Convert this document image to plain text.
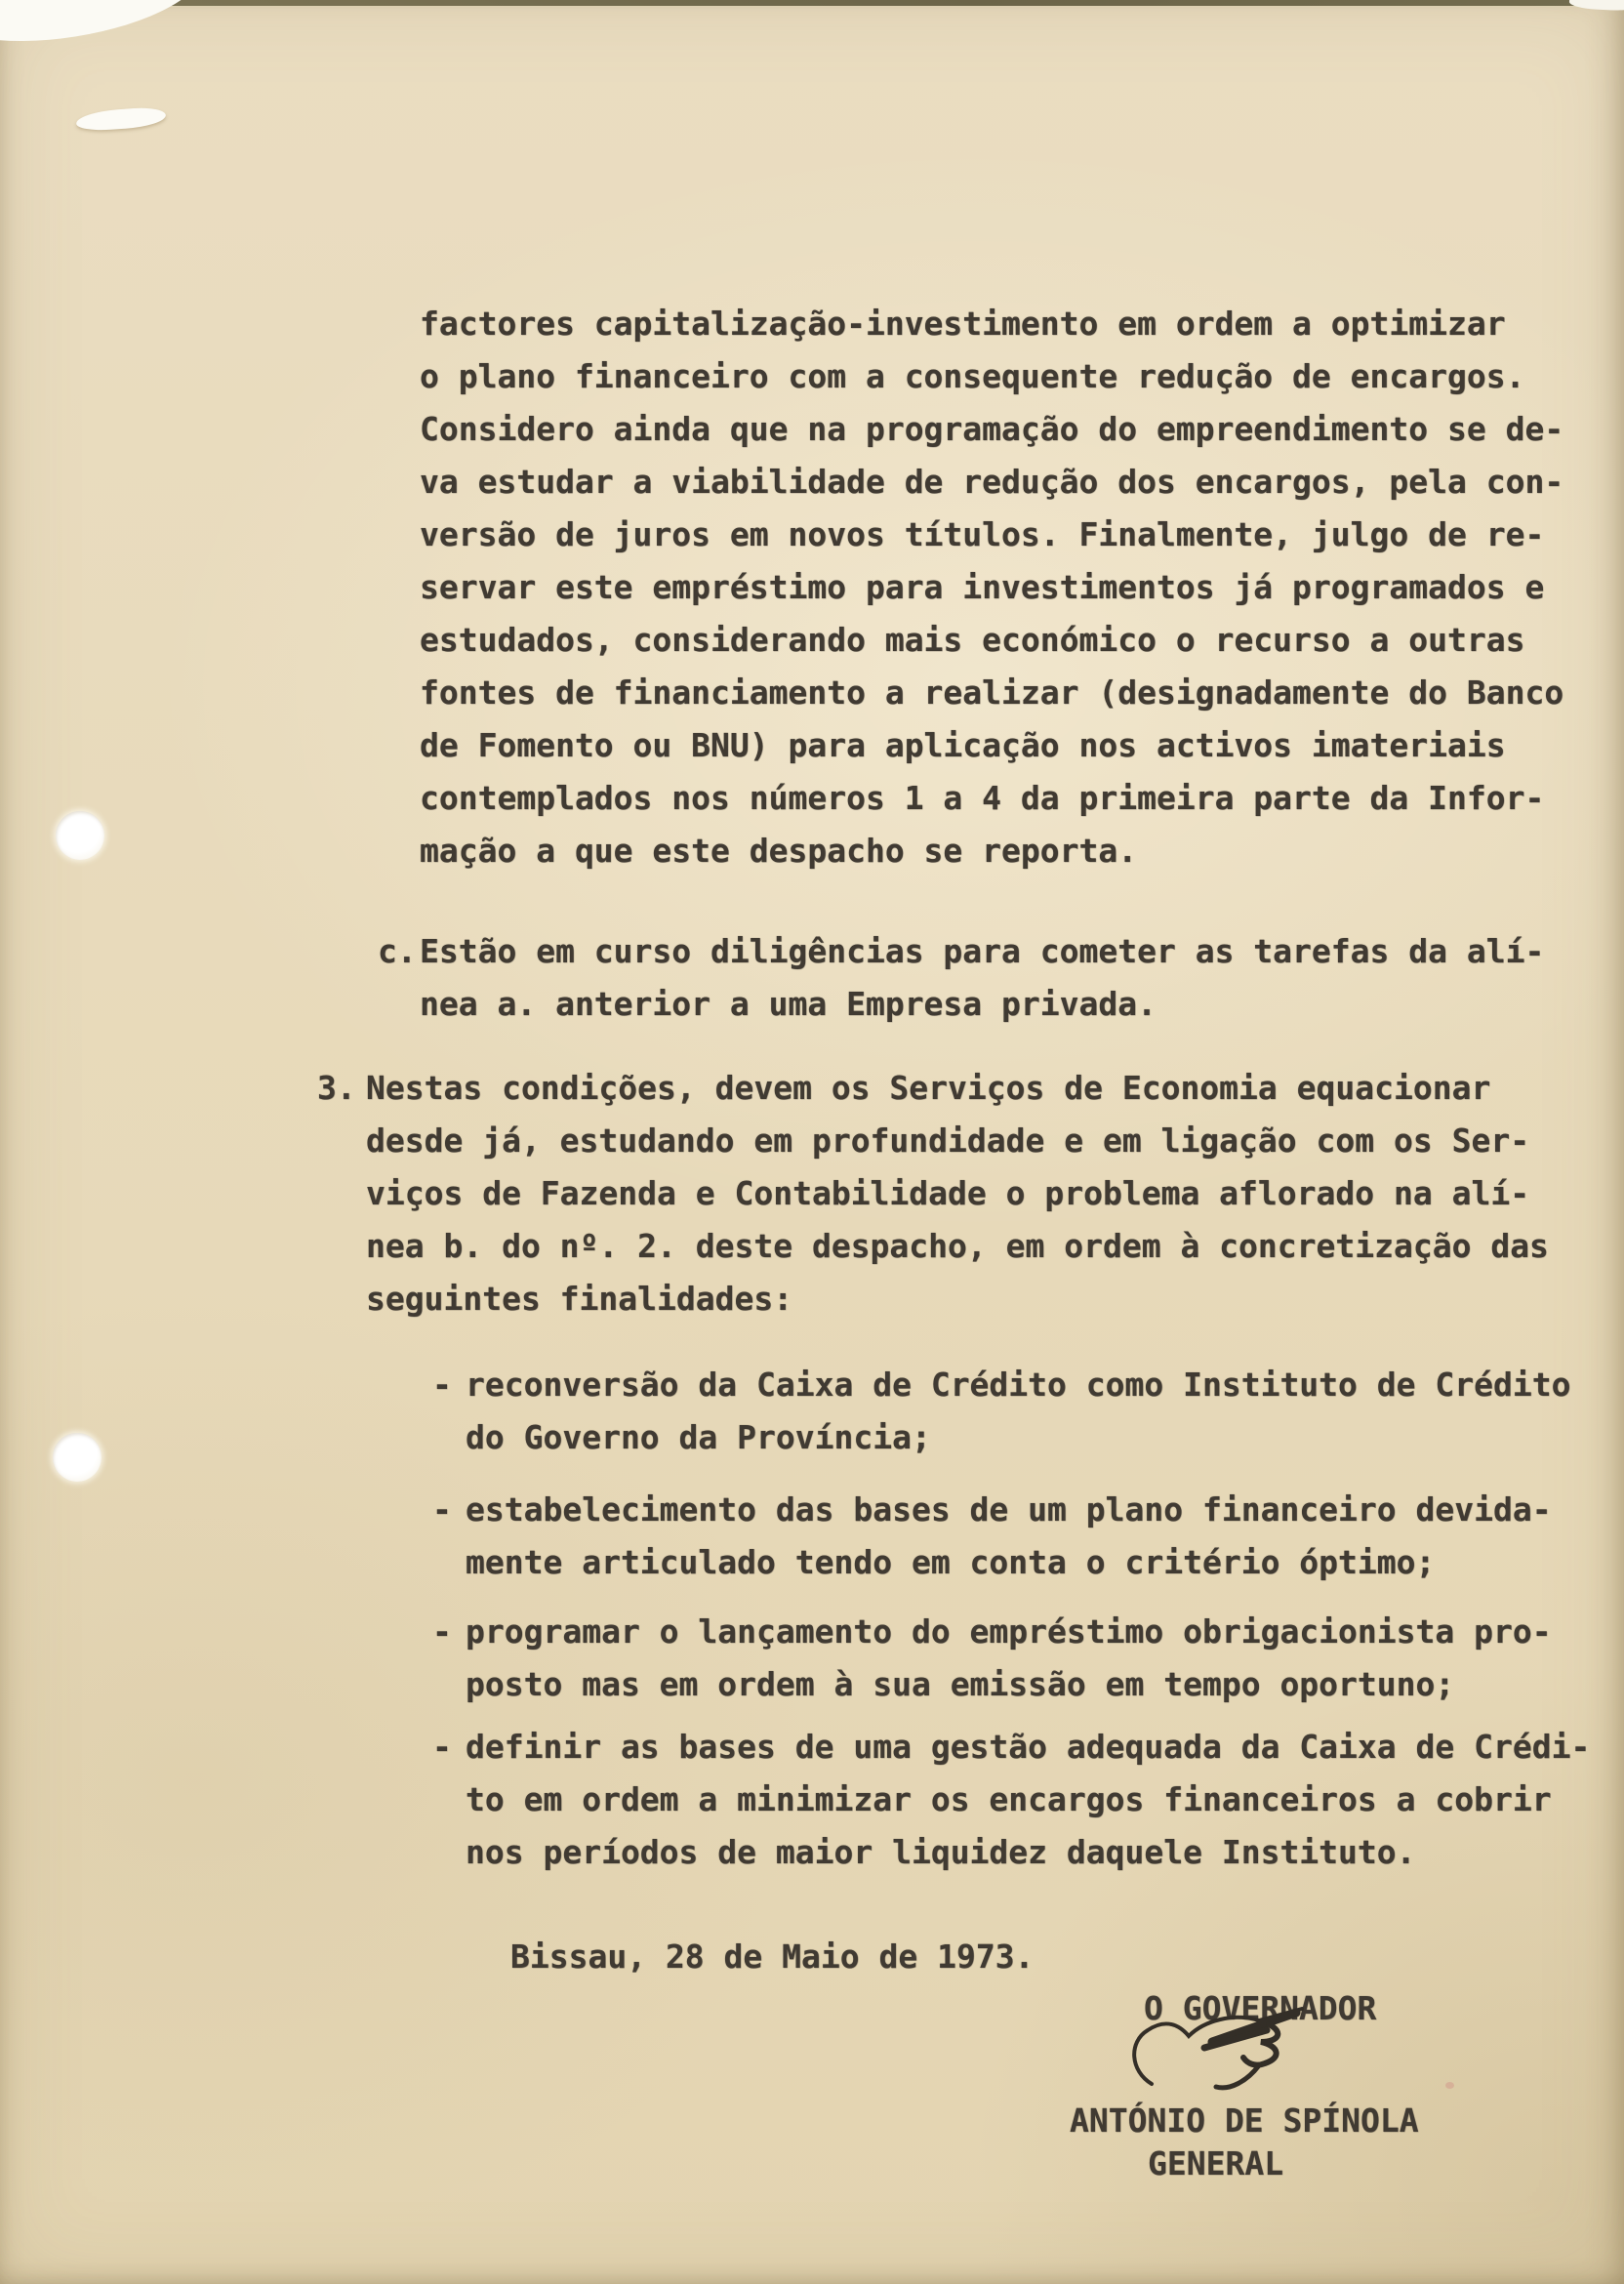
factores capitalização-investimento em ordem a optimizar
o plano financeiro com a consequente redução de encargos.
Considero ainda que na programação do empreendimento se de-
va estudar a viabilidade de redução dos encargos, pela con-
versão de juros em novos títulos. Finalmente, julgo de re-
servar este empréstimo para investimentos já programados e
estudados, considerando mais económico o recurso a outras
fontes de financiamento a realizar (designadamente do Banco
de Fomento ou BNU) para aplicação nos activos imateriais
contemplados nos números 1 a 4 da primeira parte da Infor-
mação a que este despacho se reporta.
c. Estão em curso diligências para cometer as tarefas da alí-
nea a. anterior a uma Empresa privada.
3. Nestas condições, devem os Serviços de Economia equacionar
desde já, estudando em profundidade e em ligação com os Ser-
viços de Fazenda e Contabilidade o problema aflorado na alí-
nea b. do nº. 2. deste despacho, em ordem à concretização das
seguintes finalidades:
- reconversão da Caixa de Crédito como Instituto de Crédito
do Governo da Província;
- estabelecimento das bases de um plano financeiro devida-
mente articulado tendo em conta o critério óptimo;
- programar o lançamento do empréstimo obrigacionista pro-
posto mas em ordem à sua emissão em tempo oportuno;
- definir as bases de uma gestão adequada da Caixa de Crédi-
to em ordem a minimizar os encargos financeiros a cobrir
nos períodos de maior liquidez daquele Instituto.
Bissau, 28 de Maio de 1973.
O GOVERNADOR
ANTÓNIO DE SPÍNOLA
GENERAL
